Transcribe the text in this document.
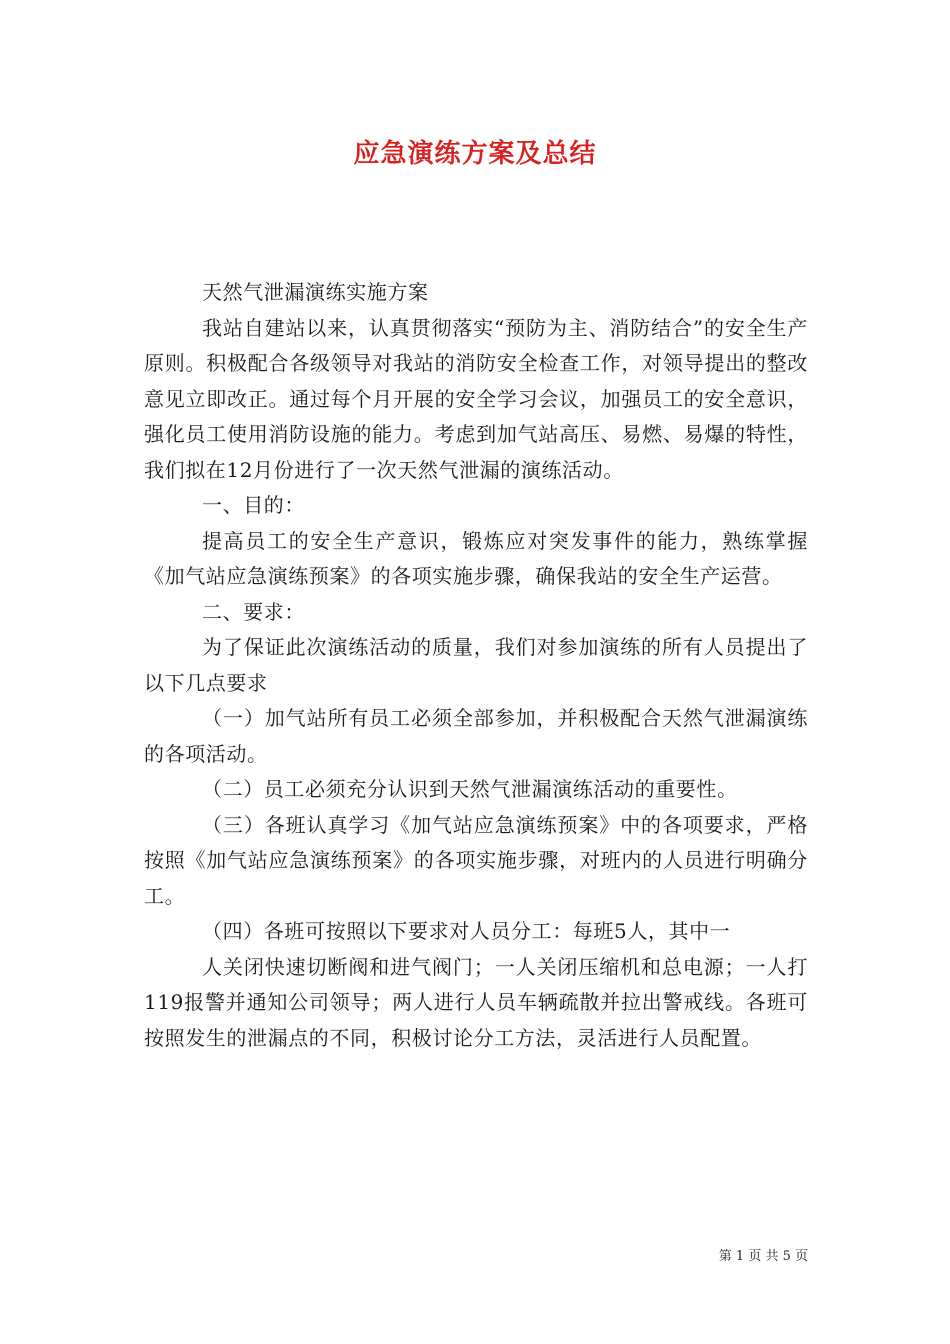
应急演练方案及总结

天然气泄漏演练实施方案

我站自建站以来，认真贯彻落实“预防为主、消防结合”的安全生产原则。积极配合各级领导对我站的消防安全检查工作，对领导提出的整改意见立即改正。通过每个月开展的安全学习会议，加强员工的安全意识，强化员工使用消防设施的能力。考虑到加气站高压、易燃、易爆的特性，我们拟在12月份进行了一次天然气泄漏的演练活动。

一、目的：

提高员工的安全生产意识，锻炼应对突发事件的能力，熟练掌握《加气站应急演练预案》的各项实施步骤，确保我站的安全生产运营。

二、要求：

为了保证此次演练活动的质量，我们对参加演练的所有人员提出了以下几点要求

（一）加气站所有员工必须全部参加，并积极配合天然气泄漏演练的各项活动。

（二）员工必须充分认识到天然气泄漏演练活动的重要性。

（三）各班认真学习《加气站应急演练预案》中的各项要求，严格按照《加气站应急演练预案》的各项实施步骤，对班内的人员进行明确分工。

（四）各班可按照以下要求对人员分工：每班5人，其中一

人关闭快速切断阀和进气阀门；一人关闭压缩机和总电源；一人打119报警并通知公司领导；两人进行人员车辆疏散并拉出警戒线。各班可按照发生的泄漏点的不同，积极讨论分工方法，灵活进行人员配置。

第 1 页 共 5 页
